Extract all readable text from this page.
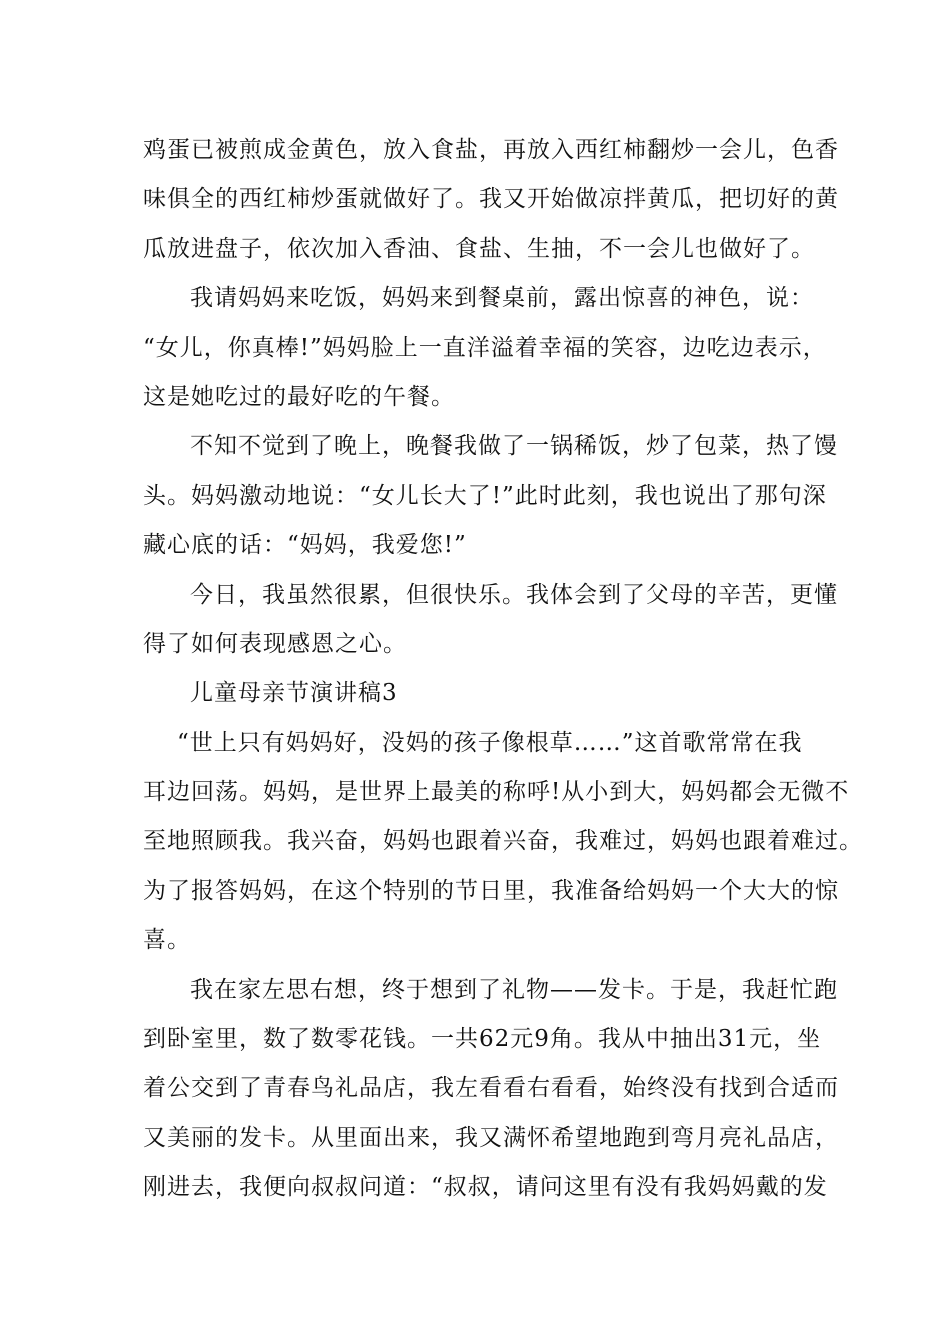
鸡蛋已被煎成金黄色，放入食盐，再放入西红柿翻炒一会儿，色香
味俱全的西红柿炒蛋就做好了。我又开始做凉拌黄瓜，把切好的黄
瓜放进盘子，依次加入香油、食盐、生抽，不一会儿也做好了。
我请妈妈来吃饭，妈妈来到餐桌前，露出惊喜的神色，说：
“女儿，你真棒!”妈妈脸上一直洋溢着幸福的笑容，边吃边表示，
这是她吃过的最好吃的午餐。
不知不觉到了晚上，晚餐我做了一锅稀饭，炒了包菜，热了馒
头。妈妈激动地说：“女儿长大了!”此时此刻，我也说出了那句深
藏心底的话：“妈妈，我爱您!”
今日，我虽然很累，但很快乐。我体会到了父母的辛苦，更懂
得了如何表现感恩之心。
儿童母亲节演讲稿3
“世上只有妈妈好，没妈的孩子像根草……”这首歌常常在我
耳边回荡。妈妈，是世界上最美的称呼!从小到大，妈妈都会无微不
至地照顾我。我兴奋，妈妈也跟着兴奋，我难过，妈妈也跟着难过。
为了报答妈妈，在这个特别的节日里，我准备给妈妈一个大大的惊
喜。
我在家左思右想，终于想到了礼物——发卡。于是，我赶忙跑
到卧室里，数了数零花钱。一共62元9角。我从中抽出31元，坐
着公交到了青春鸟礼品店，我左看看右看看，始终没有找到合适而
又美丽的发卡。从里面出来，我又满怀希望地跑到弯月亮礼品店，
刚进去，我便向叔叔问道：“叔叔，请问这里有没有我妈妈戴的发
